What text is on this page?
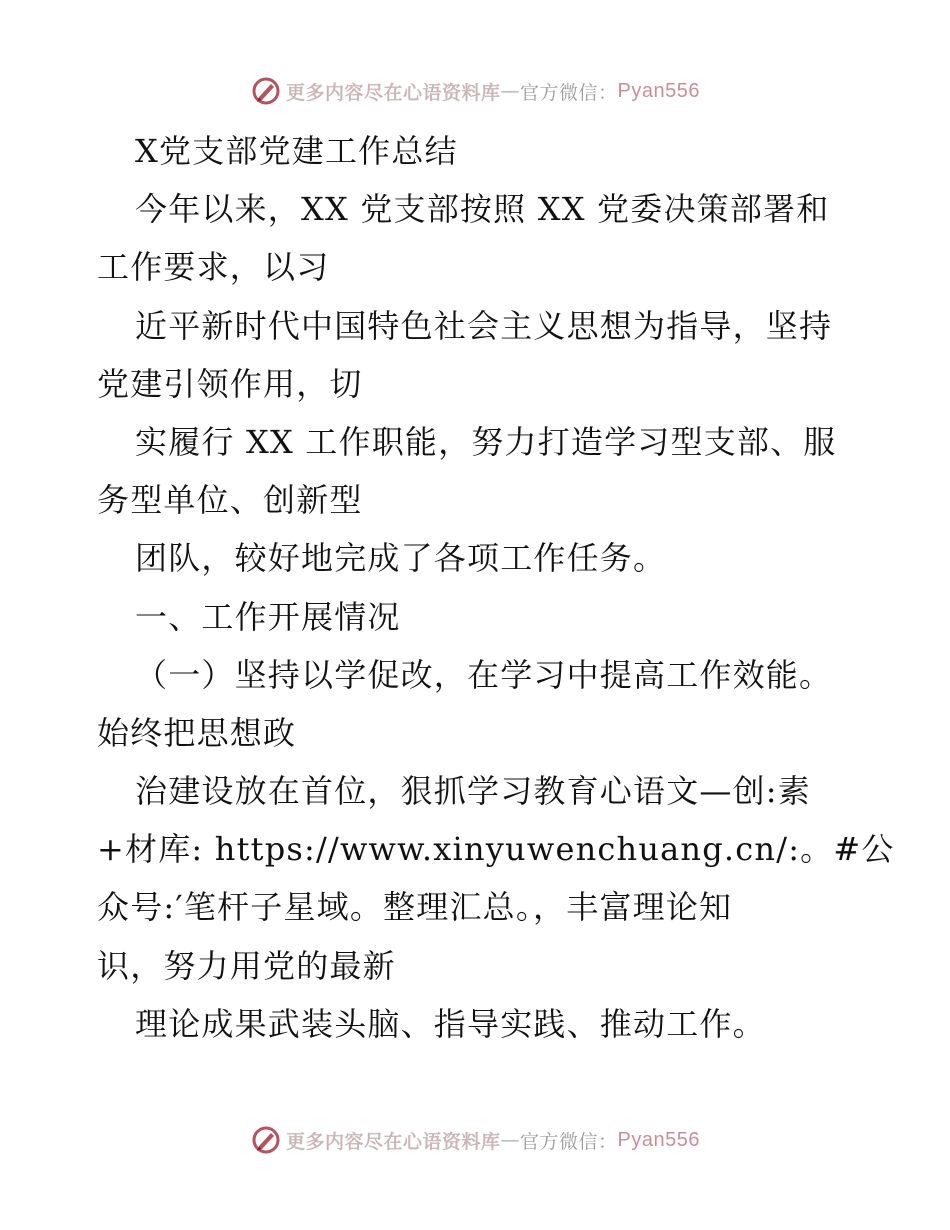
更多内容尽在心语资料库 — 官方微信： Pyan556
X党支部党建工作总结
今年以来，XX 党支部按照 XX 党委决策部署和
工作要求，以习
近平新时代中国特色社会主义思想为指导，坚持
党建引领作用，切
实履行 XX 工作职能，努力打造学习型支部、服
务型单位、创新型
团队，较好地完成了各项工作任务。
一、工作开展情况
（一）坚持以学促改，在学习中提高工作效能。
始终把思想政
治建设放在首位，狠抓学习教育心语文—创:素
+材库: https://www.xinyuwenchuang.cn/:。#公
众号:′笔杆子星域。整理汇总。，丰富理论知
识，努力用党的最新
理论成果武装头脑、指导实践、推动工作。
更多内容尽在心语资料库 — 官方微信： Pyan556
